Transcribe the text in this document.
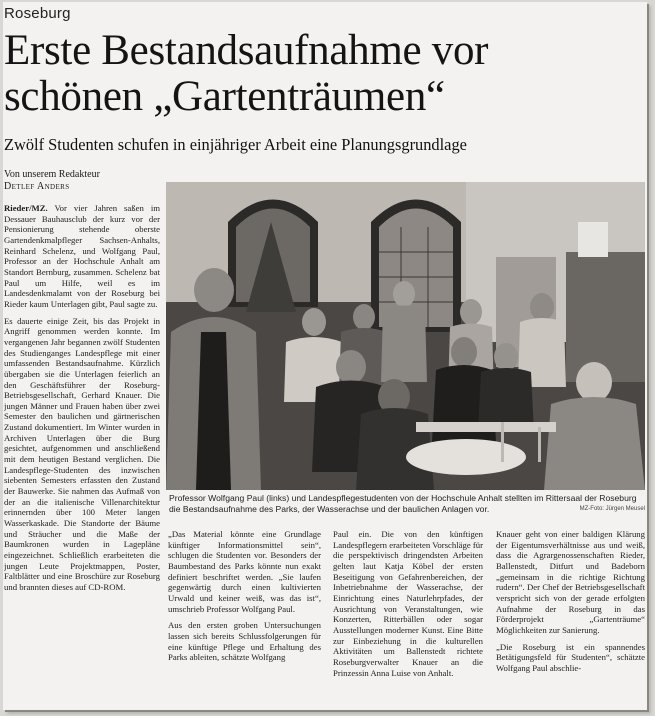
Roseburg
Erste Bestandsaufnahme vor
schönen „Gartenträumen“
Zwölf Studenten schufen in einjähriger Arbeit eine Planungsgrundlage
Von unserem Redakteur
Detlef Anders

Rieder/MZ. Vor vier Jahren saßen im Dessauer Bauhausclub der kurz vor der Pensionierung stehende oberste Gartendenkmalpfleger Sachsen-Anhalts, Reinhard Schelenz, und Wolfgang Paul, Professor an der Hochschule Anhalt am Standort Bernburg, zusammen. Schelenz bat Paul um Hilfe, weil es im Landesdenkmalamt von der Roseburg bei Rieder kaum Unterlagen gibt, Paul sagte zu.

Es dauerte einige Zeit, bis das Projekt in Angriff genommen werden konnte. Im vergangenen Jahr begannen zwölf Studenten des Studienganges Landespflege mit einer umfassenden Bestandsaufnahme. Kürzlich übergaben sie die Unterlagen feierlich an den Geschäftsführer der Roseburg-Betriebsgesellschaft, Gerhard Knauer. Die jungen Männer und Frauen haben über zwei Semester den baulichen und gärtnerischen Zustand dokumentiert. Im Winter wurden in Archiven Unterlagen über die Burg gesichtet, aufgenommen und anschließend mit dem heutigen Bestand verglichen. Die Landespflege-Studenten des inzwischen siebenten Semesters erfassten den Zustand der Bauwerke. Sie nahmen das Aufmaß von der an die italienische Villenarchitektur erinnernden über 100 Meter langen Wasserkaskade. Die Standorte der Bäume und Sträucher und die Maße der Baumkronen wurden in Lagepläne eingezeichnet. Schließlich erarbeiteten die jungen Leute Projektmappen, Poster, Faltblätter und eine Broschüre zur Roseburg und brannten dieses auf CD-ROM.

Professor Wolfgang Paul (links) und Landespflegestudenten von der Hochschule Anhalt stellten im Rittersaal der Roseburg die Bestandsaufnahme des Parks, der Wasserachse und der baulichen Anlagen vor.	MZ-Foto: Jürgen Meusel

„Das Material könnte eine Grundlage künftiger Informationsmittel sein“, schlugen die Studenten vor. Besonders der Baumbestand des Parks könnte nun exakt definiert beschriftet werden. „Sie laufen gegenwärtig durch einen kultivierten Urwald und keiner weiß, was das ist“, umschrieb Professor Wolfgang Paul.

Aus den ersten groben Untersuchungen lassen sich bereits Schlussfolgerungen für eine künftige Pflege und Erhaltung des Parks ableiten, schätzte Wolfgang

Paul ein. Die von den künftigen Landespflegern erarbeiteten Vorschläge für die perspektivisch dringendsten Arbeiten gelten laut Katja Köbel der ersten Beseitigung von Gefahrenbereichen, der Inbetriebnahme der Wasserachse, der Einrichtung eines Naturlehrpfades, der Ausrichtung von Veranstaltungen, wie Konzerten, Ritterbällen oder sogar Ausstellungen moderner Kunst. Eine Bitte zur Einbeziehung in die kulturellen Aktivitäten um Ballenstedt richtete Roseburgverwalter Knauer an die Prinzessin Anna Luise von Anhalt.

Knauer geht von einer baldigen Klärung der Eigentumsverhältnisse aus und weiß, dass die Agrargenossenschaften Rieder, Ballenstedt, Ditfurt und Badeborn „gemeinsam in die richtige Richtung rudern“. Der Chef der Betriebsgesellschaft verspricht sich von der gerade erfolgten Aufnahme der Roseburg in das Förderprojekt „Gartenträume“ Möglichkeiten zur Sanierung.

„Die Roseburg ist ein spannendes Betätigungsfeld für Studenten“, schätzte Wolfgang Paul abschlie-
